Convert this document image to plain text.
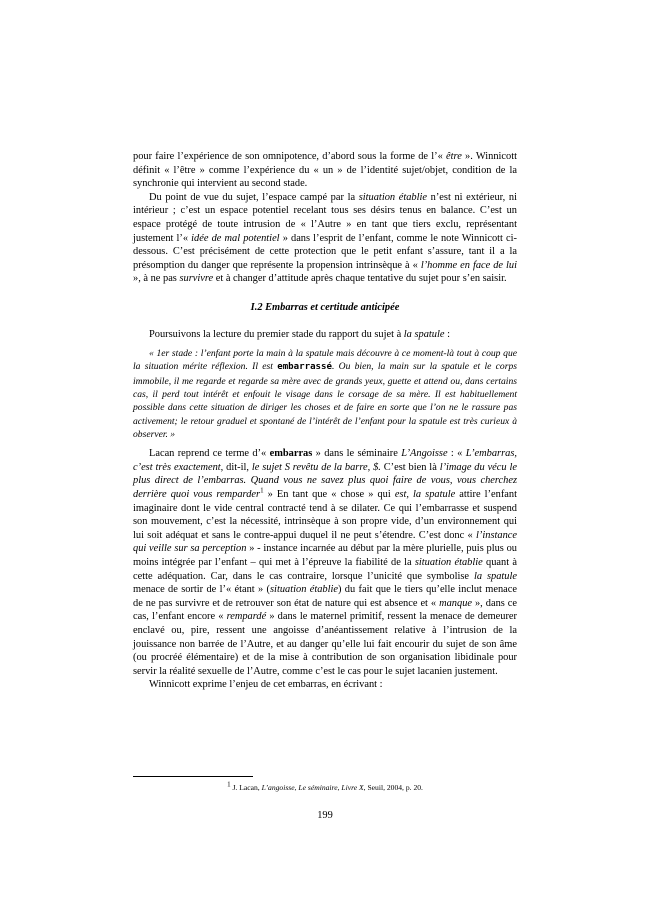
pour faire l’expérience de son omnipotence, d’abord sous la forme de l’« être ». Winnicott définit « l’être » comme l’expérience du « un » de l’identité sujet/objet, condition de la synchronie qui intervient au second stade.

Du point de vue du sujet, l’espace campé par la situation établie n’est ni extérieur, ni intérieur ; c’est un espace potentiel recelant tous ses désirs tenus en balance. C’est un espace protégé de toute intrusion de « l’Autre » en tant que tiers exclu, représentant justement l’« idée de mal potentiel » dans l’esprit de l’enfant, comme le note Winnicott ci-dessous. C’est précisément de cette protection que le petit enfant s’assure, tant il a la présomption du danger que représente la propension intrinsèque à « l’homme en face de lui », à ne pas survivre et à changer d’attitude après chaque tentative du sujet pour s’en saisir.

I.2 Embarras et certitude anticipée

Poursuivons la lecture du premier stade du rapport du sujet à la spatule :

« 1er stade : l’enfant porte la main à la spatule mais découvre à ce moment-là tout à coup que la situation mérite réflexion. Il est embarrassé. Ou bien, la main sur la spatule et le corps immobile, il me regarde et regarde sa mère avec de grands yeux, guette et attend ou, dans certains cas, il perd tout intérêt et enfouit le visage dans le corsage de sa mère. Il est habituellement possible dans cette situation de diriger les choses et de faire en sorte que l’on ne le rassure pas activement; le retour graduel et spontané de l’intérêt de l’enfant pour la spatule est très curieux à observer. »

Lacan reprend ce terme d’« embarras » dans le séminaire L’Angoisse : « L’embarras, c’est très exactement, dit-il, le sujet S revêtu de la barre, $. C’est bien là l’image du vécu le plus direct de l’embarras. Quand vous ne savez plus quoi faire de vous, vous cherchez derrière quoi vous remparder$^1$ » En tant que « chose » qui est, la spatule attire l’enfant imaginaire dont le vide central contracté tend à se dilater. Ce qui l’embarrasse et suspend son mouvement, c’est la nécessité, intrinsèque à son propre vide, d’un environnement qui lui soit adéquat et sans le contre-appui duquel il ne peut s’étendre. C’est donc « l’instance qui veille sur sa perception » - instance incarnée au début par la mère plurielle, puis plus ou moins intégrée par l’enfant – qui met à l’épreuve la fiabilité de la situation établie quant à cette adéquation. Car, dans le cas contraire, lorsque l’unicité que symbolise la spatule menace de sortir de l’« étant » (situation établie) du fait que le tiers qu’elle inclut menace de ne pas survivre et de retrouver son état de nature qui est absence et « manque », dans ce cas, l’enfant encore « rempardé » dans le maternel primitif, ressent la menace de demeurer enclavé ou, pire, ressent une angoisse d’anéantissement relative à l’intrusion de la jouissance non barrée de l’Autre, et au danger qu’elle lui fait encourir du sujet de son âme (ou procréé élémentaire) et de la mise à contribution de son organisation libidinale pour servir la réalité sexuelle de l’Autre, comme c’est le cas pour le sujet lacanien justement.

Winnicott exprime l’enjeu de cet embarras, en écrivant :

$^1$ J. Lacan, L’angoisse, Le séminaire, Livre X, Seuil, 2004, p. 20.
199
